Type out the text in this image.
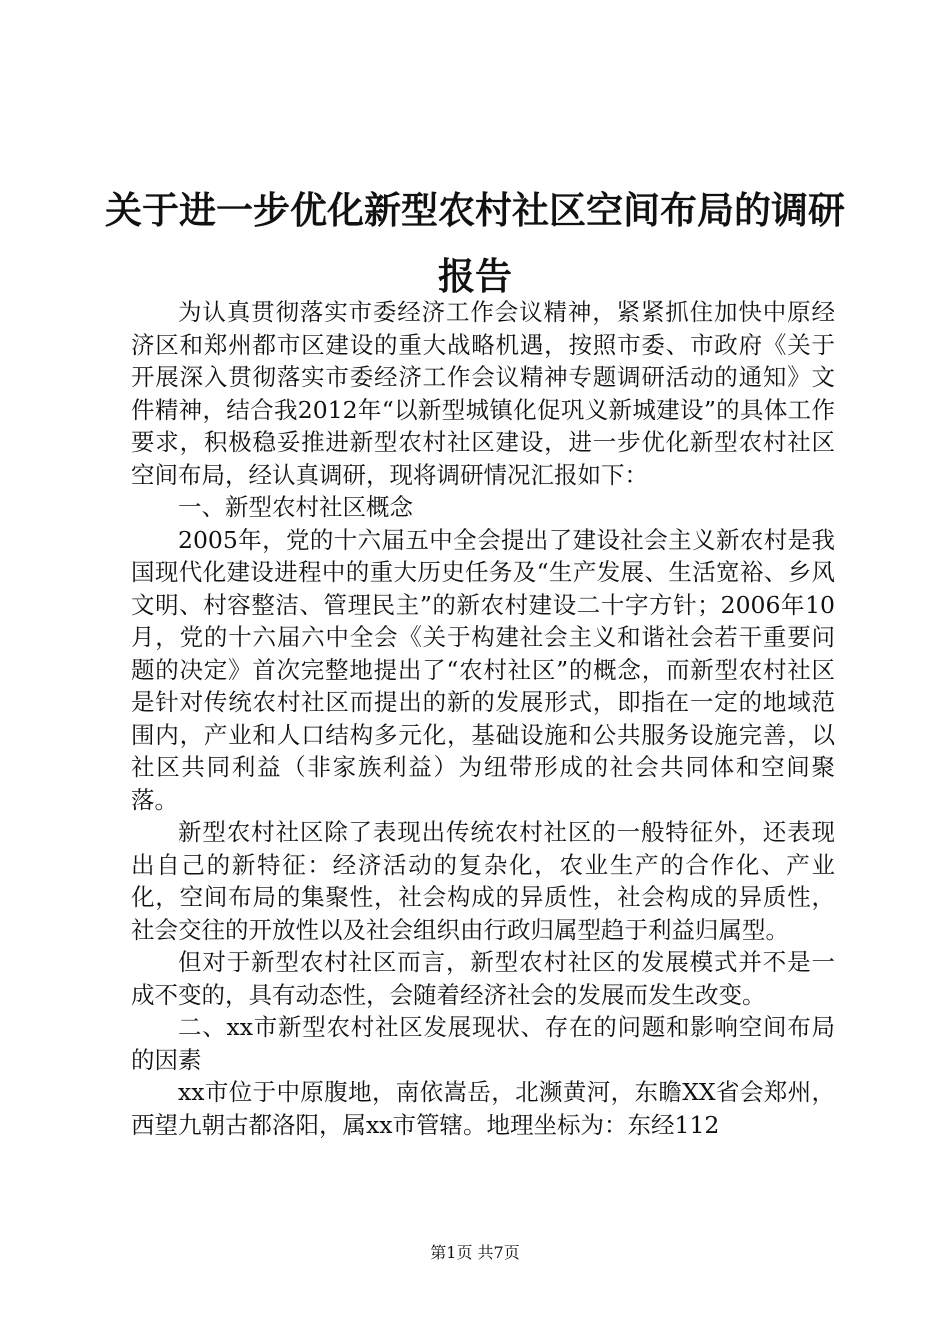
关于进一步优化新型农村社区空间布局的调研报告

为认真贯彻落实市委经济工作会议精神，紧紧抓住加快中原经济区和郑州都市区建设的重大战略机遇，按照市委、市政府《关于开展深入贯彻落实市委经济工作会议精神专题调研活动的通知》文件精神，结合我2012年“以新型城镇化促巩义新城建设”的具体工作要求，积极稳妥推进新型农村社区建设，进一步优化新型农村社区空间布局，经认真调研，现将调研情况汇报如下：

一、新型农村社区概念

2005年，党的十六届五中全会提出了建设社会主义新农村是我国现代化建设进程中的重大历史任务及“生产发展、生活宽裕、乡风文明、村容整洁、管理民主”的新农村建设二十字方针；2006年10月，党的十六届六中全会《关于构建社会主义和谐社会若干重要问题的决定》首次完整地提出了“农村社区”的概念，而新型农村社区是针对传统农村社区而提出的新的发展形式，即指在一定的地域范围内，产业和人口结构多元化，基础设施和公共服务设施完善，以社区共同利益（非家族利益）为纽带形成的社会共同体和空间聚落。

新型农村社区除了表现出传统农村社区的一般特征外，还表现出自己的新特征：经济活动的复杂化，农业生产的合作化、产业化，空间布局的集聚性，社会构成的异质性，社会构成的异质性，社会交往的开放性以及社会组织由行政归属型趋于利益归属型。

但对于新型农村社区而言，新型农村社区的发展模式并不是一成不变的，具有动态性，会随着经济社会的发展而发生改变。

二、xx市新型农村社区发展现状、存在的问题和影响空间布局的因素

xx市位于中原腹地，南依嵩岳，北濒黄河，东瞻XX省会郑州，西望九朝古都洛阳，属xx市管辖。地理坐标为：东经112

第1页 共7页
